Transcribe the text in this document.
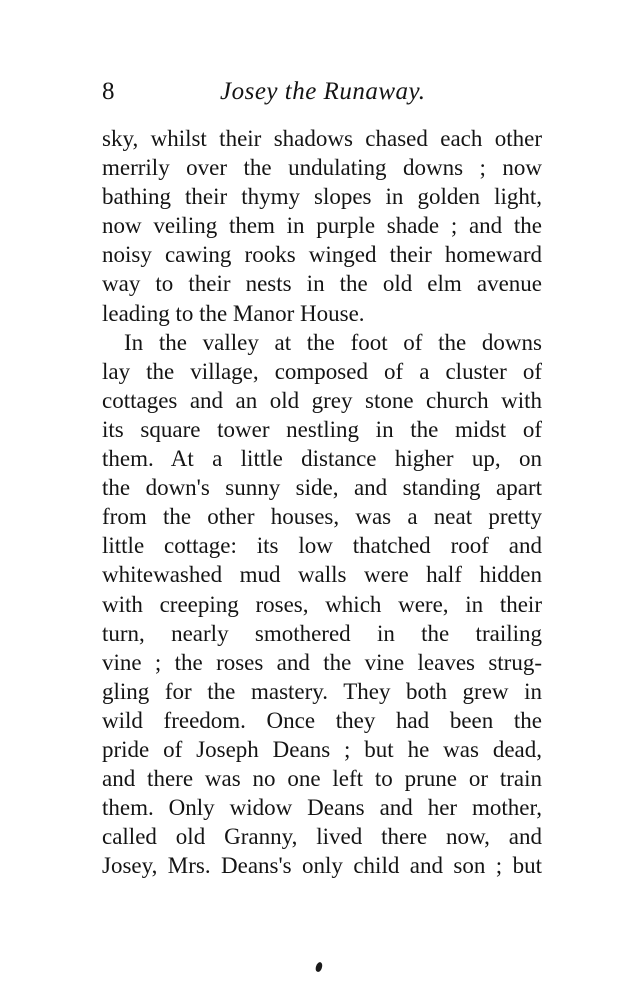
8	Josey the Runaway.
sky, whilst their shadows chased each other
merrily over the undulating downs ; now
bathing their thymy slopes in golden light,
now veiling them in purple shade ; and the
noisy cawing rooks winged their homeward
way to their nests in the old elm avenue
leading to the Manor House.
In the valley at the foot of the downs
lay the village, composed of a cluster of
cottages and an old grey stone church with
its square tower nestling in the midst of
them. At a little distance higher up, on
the down's sunny side, and standing apart
from the other houses, was a neat pretty
little cottage: its low thatched roof and
whitewashed mud walls were half hidden
with creeping roses, which were, in their
turn, nearly smothered in the trailing
vine ; the roses and the vine leaves strug-
gling for the mastery. They both grew in
wild freedom. Once they had been the
pride of Joseph Deans ; but he was dead,
and there was no one left to prune or train
them. Only widow Deans and her mother,
called old Granny, lived there now, and
Josey, Mrs. Deans's only child and son ; but
